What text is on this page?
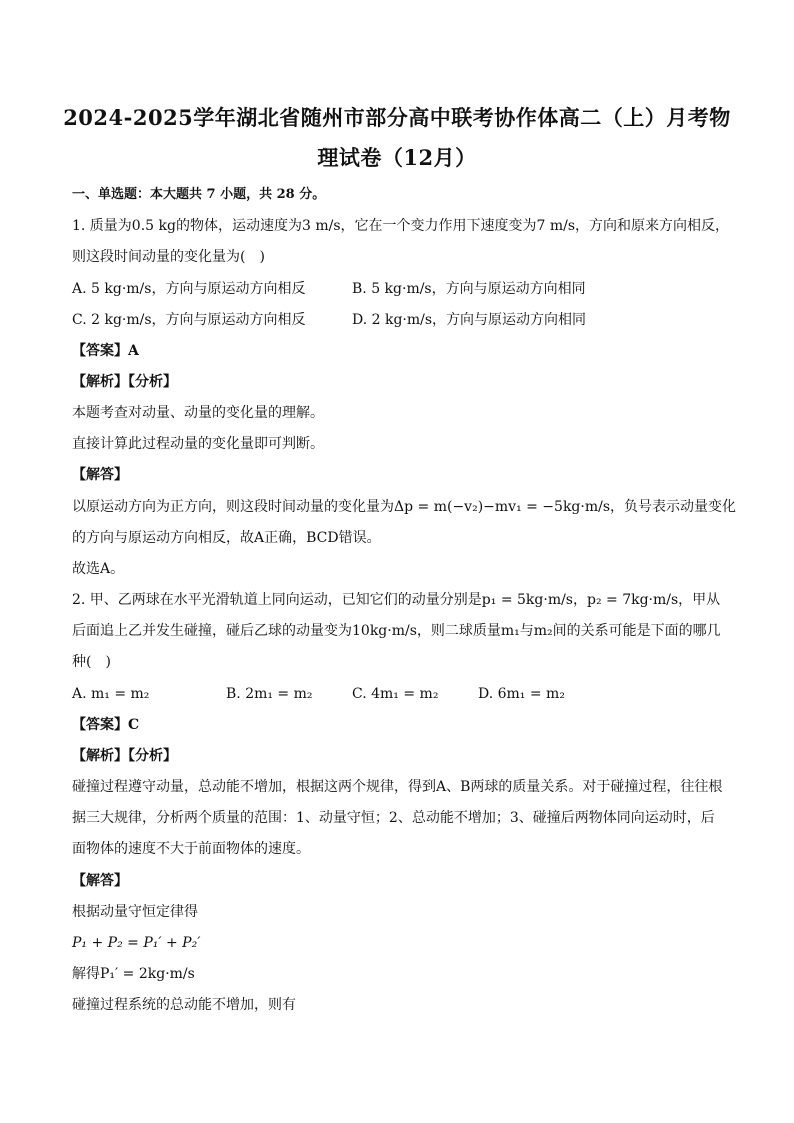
2024-2025学年湖北省随州市部分高中联考协作体高二（上）月考物
理试卷（12月）
一、单选题：本大题共 7 小题，共 28 分。
1. 质量为0.5 kg的物体，运动速度为3 m/s，它在一个变力作用下速度变为7 m/s，方向和原来方向相反，
则这段时间动量的变化量为(　)
A. 5 kg·m/s，方向与原运动方向相反	B. 5 kg·m/s，方向与原运动方向相同
C. 2 kg·m/s，方向与原运动方向相反	D. 2 kg·m/s，方向与原运动方向相同
【答案】A
【解析】【分析】
本题考查对动量、动量的变化量的理解。
直接计算此过程动量的变化量即可判断。
【解答】
以原运动方向为正方向，则这段时间动量的变化量为Δp = m(−v₂)−mv₁ = −5kg·m/s，负号表示动量变化
的方向与原运动方向相反，故A正确，BCD错误。
故选A。
2. 甲、乙两球在水平光滑轨道上同向运动，已知它们的动量分别是p₁ = 5kg·m/s，p₂ = 7kg·m/s，甲从
后面追上乙并发生碰撞，碰后乙球的动量变为10kg·m/s，则二球质量m₁与m₂间的关系可能是下面的哪几
种(　)
A. m₁ = m₂	B. 2m₁ = m₂	C. 4m₁ = m₂	D. 6m₁ = m₂
【答案】C
【解析】【分析】
碰撞过程遵守动量，总动能不增加，根据这两个规律，得到A、B两球的质量关系。对于碰撞过程，往往根
据三大规律，分析两个质量的范围：1、动量守恒；2、总动能不增加；3、碰撞后两物体同向运动时，后
面物体的速度不大于前面物体的速度。
【解答】
根据动量守恒定律得
P₁ + P₂ = P₁′ + P₂′
解得P₁′ = 2kg·m/s
碰撞过程系统的总动能不增加，则有
